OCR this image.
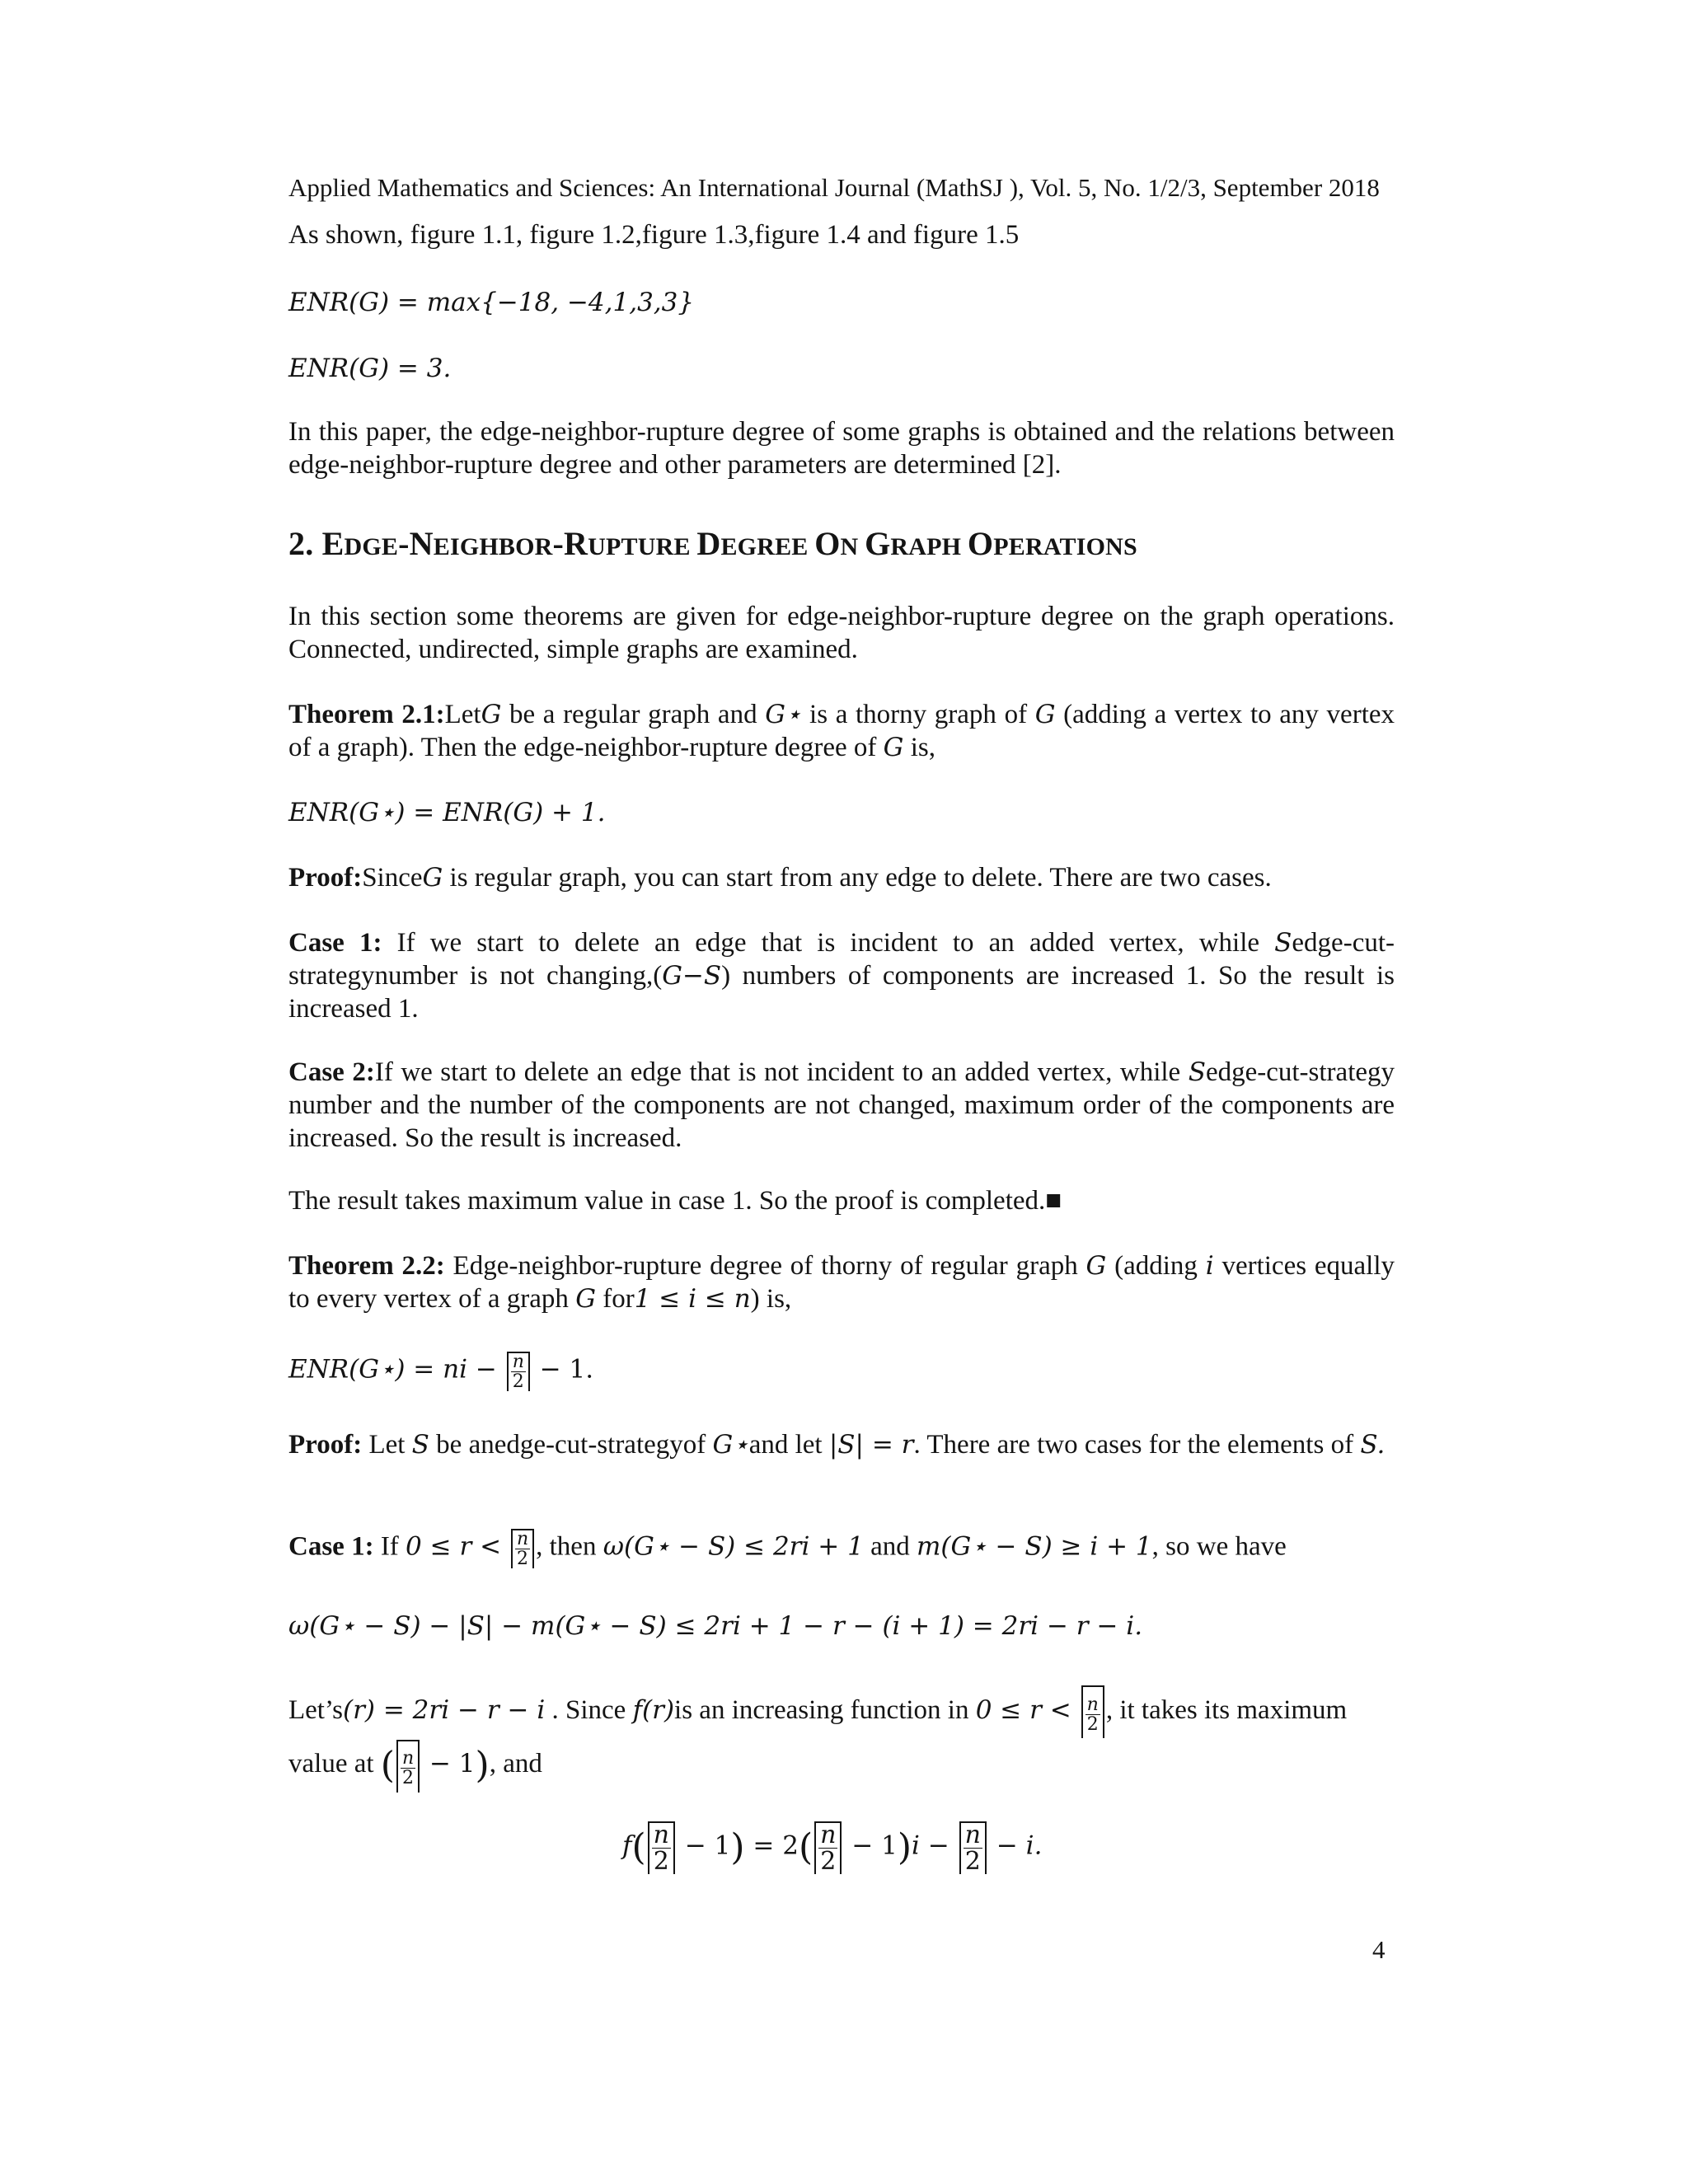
Applied Mathematics and Sciences: An International Journal (MathSJ ), Vol. 5, No. 1/2/3, September 2018
As shown, figure 1.1, figure 1.2,figure 1.3,figure 1.4 and figure 1.5
ENR(G) = max{−18, −4,1,3,3}
ENR(G) = 3.
In this paper, the edge-neighbor-rupture degree of some graphs is obtained and the relations between edge-neighbor-rupture degree and other parameters are determined [2].
2. EDGE-NEIGHBOR-RUPTURE DEGREE ON GRAPH OPERATIONS
In this section some theorems are given for edge-neighbor-rupture degree on the graph operations. Connected, undirected, simple graphs are examined.
Theorem 2.1:LetG be a regular graph and G⋆ is a thorny graph of G (adding a vertex to any vertex of a graph). Then the edge-neighbor-rupture degree of G is,
ENR(G⋆) = ENR(G) + 1.
Proof:SinceG is regular graph, you can start from any edge to delete. There are two cases.
Case 1: If we start to delete an edge that is incident to an added vertex, while Sedge-cut-strategynumber is not changing,(G−S) numbers of components are increased 1. So the result is increased 1.
Case 2:If we start to delete an edge that is not incident to an added vertex, while Sedge-cut-strategy number and the number of the components are not changed, maximum order of the components are increased. So the result is increased.
The result takes maximum value in case 1. So the proof is completed.■
Theorem 2.2: Edge-neighbor-rupture degree of thorny of regular graph G (adding i vertices equally to every vertex of a graph G for1 ≤ i ≤ n) is,
ENR(G⋆) = ni − $\frac{n}{2} - 1$.
Proof: Let S be anedge-cut-strategyof G⋆and let |S| = r. There are two cases for the elements of S.
Case 1: If $0 \le r < \frac{n}{2}$ , then ω(G⋆ − S) ≤ 2ri + 1 and m(G⋆ − S) ≥ i + 1, so we have
ω(G⋆ − S) − |S| − m(G⋆ − S) ≤ 2ri + 1 − r − (i + 1) = 2ri − r − i.
Let’s(r) = 2ri − r − i . Since f(r)is an increasing function in $0 \le r < \frac{n}{2}$ , it takes its maximum value at ( $\frac{n}{2} - 1$), and
$f( \frac{n}{2} - 1) = 2( \frac{n}{2} - 1)i - \frac{n}{2} - i$.
4
